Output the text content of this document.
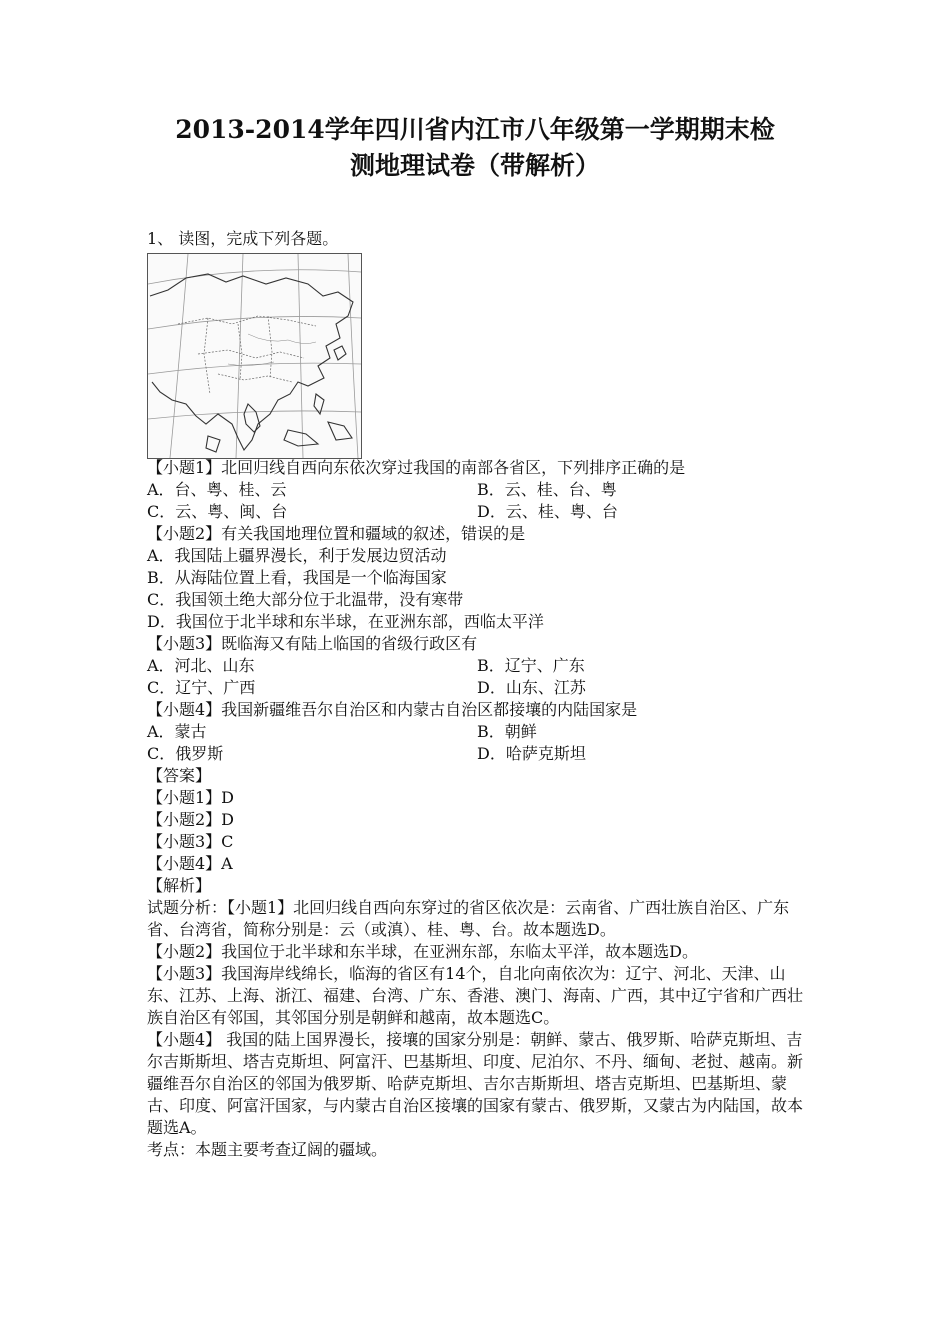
2013-2014学年四川省内江市八年级第一学期期末检
测地理试卷（带解析）
1、 读图，完成下列各题。
【小题1】北回归线自西向东依次穿过我国的南部各省区，下列排序正确的是
A．台、粤、桂、云	B．云、桂、台、粤
C．云、粤、闽、台	D．云、桂、粤、台
【小题2】有关我国地理位置和疆域的叙述，错误的是
A．我国陆上疆界漫长，利于发展边贸活动
B．从海陆位置上看，我国是一个临海国家
C．我国领土绝大部分位于北温带，没有寒带
D．我国位于北半球和东半球，在亚洲东部，西临太平洋
【小题3】既临海又有陆上临国的省级行政区有
A．河北、山东	B．辽宁、广东
C．辽宁、广西	D．山东、江苏
【小题4】我国新疆维吾尔自治区和内蒙古自治区都接壤的内陆国家是
A．蒙古	B．朝鲜
C．俄罗斯	D．哈萨克斯坦
【答案】
【小题1】D
【小题2】D
【小题3】C
【小题4】A
【解析】
试题分析：【小题1】北回归线自西向东穿过的省区依次是：云南省、广西壮族自治区、广东省、台湾省，简称分别是：云（或滇）、桂、粤、台。故本题选D。
【小题2】我国位于北半球和东半球，在亚洲东部，东临太平洋，故本题选D。
【小题3】我国海岸线绵长，临海的省区有14个，自北向南依次为：辽宁、河北、天津、山东、江苏、上海、浙江、福建、台湾、广东、香港、澳门、海南、广西，其中辽宁省和广西壮族自治区有邻国，其邻国分别是朝鲜和越南，故本题选C。
【小题4】 我国的陆上国界漫长，接壤的国家分别是：朝鲜、蒙古、俄罗斯、哈萨克斯坦、吉尔吉斯斯坦、塔吉克斯坦、阿富汗、巴基斯坦、印度、尼泊尔、不丹、缅甸、老挝、越南。新疆维吾尔自治区的邻国为俄罗斯、哈萨克斯坦、吉尔吉斯斯坦、塔吉克斯坦、巴基斯坦、蒙古、印度、阿富汗国家，与内蒙古自治区接壤的国家有蒙古、俄罗斯，又蒙古为内陆国，故本题选A。
考点：本题主要考查辽阔的疆域。
